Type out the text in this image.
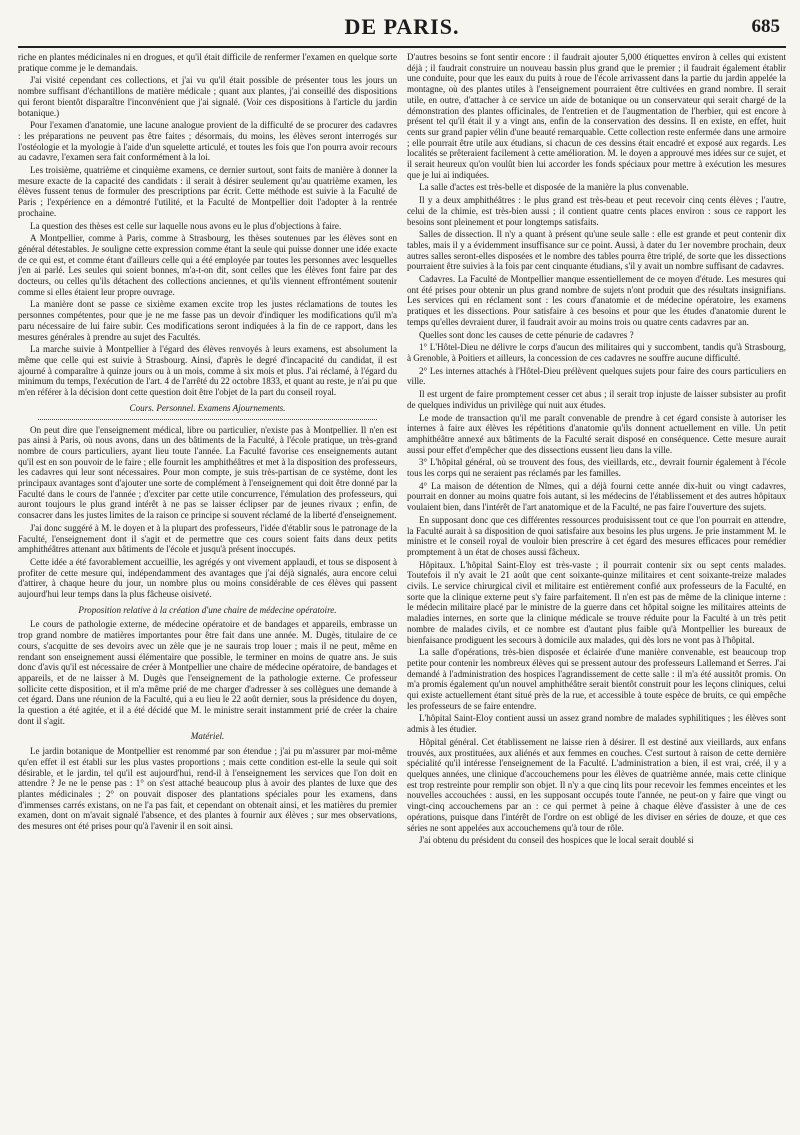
DE PARIS.	685

riche en plantes médicinales ni en drogues, et qu'il était difficile de renfermer l'examen en quelque sorte pratique comme je le demandais.

J'ai visité cependant ces collections, et j'ai vu qu'il était possible de présenter tous les jours un nombre suffisant d'échantillons de matière médicale ; quant aux plantes, j'ai conseillé des dispositions qui feront bientôt disparaître l'inconvénient que j'ai signalé. (Voir ces dispositions à l'article du jardin botanique.)

Pour l'examen d'anatomie, une lacune analogue provient de la difficulté de se procurer des cadavres : les préparations ne peuvent pas être faites ; désormais, du moins, les élèves seront interrogés sur l'ostéologie et la myologie à l'aide d'un squelette articulé, et toutes les fois que l'on pourra avoir recours au cadavre, l'examen sera fait conformément à la loi.

Les troisième, quatrième et cinquième examens, ce dernier surtout, sont faits de manière à donner la mesure exacte de la capacité des candidats : il serait à désirer seulement qu'au quatrième examen, les élèves fussent tenus de formuler des prescriptions par écrit. Cette méthode est suivie à la Faculté de Paris ; l'expérience en a démontré l'utilité, et la Faculté de Montpellier doit l'adopter à la rentrée prochaine.

La question des thèses est celle sur laquelle nous avons eu le plus d'objections à faire.

A Montpellier, comme à Paris, comme à Strasbourg, les thèses soutenues par les élèves sont en général détestables. Je souligne cette expression comme étant la seule qui puisse donner une idée exacte de ce qui est, et comme étant d'ailleurs celle qui a été employée par toutes les personnes avec lesquelles j'en ai parlé. Les seules qui soient bonnes, m'a-t-on dit, sont celles que les élèves font faire par des docteurs, ou celles qu'ils détachent des collections anciennes, et qu'ils viennent effrontément soutenir comme si elles étaient leur propre ouvrage.

La manière dont se passe ce sixième examen excite trop les justes réclamations de toutes les personnes compétentes, pour que je ne me fasse pas un devoir d'indiquer les modifications qu'il m'a paru nécessaire de lui faire subir. Ces modifications seront indiquées à la fin de ce rapport, dans les mesures générales à prendre au sujet des Facultés.

La marche suivie à Montpellier à l'égard des élèves renvoyés à leurs examens, est absolument la même que celle qui est suivie à Strasbourg. Ainsi, d'après le degré d'incapacité du candidat, il est ajourné à comparaître à quinze jours ou à un mois, comme à six mois et plus. J'ai réclamé, à l'égard du minimum du temps, l'exécution de l'art. 4 de l'arrêté du 22 octobre 1833, et quant au reste, je n'ai pu que m'en référer à la décision dont cette question doit être l'objet de la part du conseil royal.

Cours. Personnel. Examens Ajournements.

On peut dire que l'enseignement médical, libre ou particulier, n'existe pas à Montpellier. Il n'en est pas ainsi à Paris, où nous avons, dans un des bâtiments de la Faculté, à l'école pratique, un très-grand nombre de cours particuliers, ayant lieu toute l'année. La Faculté favorise ces enseignements autant qu'il est en son pouvoir de le faire ; elle fournit les amphithéâtres et met à la disposition des professeurs, les cadavres qui leur sont nécessaires. Pour mon compte, je suis très-partisan de ce système, dont les principaux avantages sont d'ajouter une sorte de complément à l'enseignement qui doit être donné par la Faculté dans le cours de l'année ; d'exciter par cette utile concurrence, l'émulation des professeurs, qui auront toujours le plus grand intérêt à ne pas se laisser éclipser par de jeunes rivaux ; enfin, de consacrer dans les justes limites de la raison ce principe si souvent réclamé de la liberté d'enseignement.

J'ai donc suggéré à M. le doyen et à la plupart des professeurs, l'idée d'établir sous le patronage de la Faculté, l'enseignement dont il s'agit et de permettre que ces cours soient faits dans deux petits amphithéâtres attenant aux bâtiments de l'école et jusqu'à présent inoccupés.

Cette idée a été favorablement accueillie, les agrégés y ont vivement applaudi, et tous se disposent à profiter de cette mesure qui, indépendamment des avantages que j'ai déjà signalés, aura encore celui d'attirer, à chaque heure du jour, un nombre plus ou moins considérable de ces élèves qui passent aujourd'hui leur temps dans la plus fâcheuse oisiveté.

Proposition relative à la création d'une chaire de médecine opératoire.

Le cours de pathologie externe, de médecine opératoire et de bandages et appareils, embrasse un trop grand nombre de matières importantes pour être fait dans une année. M. Dugès, titulaire de ce cours, s'acquitte de ses devoirs avec un zèle que je ne saurais trop louer ; mais il ne peut, même en rendant son enseignement aussi élémentaire que possible, le terminer en moins de quatre ans. Je suis donc d'avis qu'il est nécessaire de créer à Montpellier une chaire de médecine opératoire, de bandages et appareils, et de ne laisser à M. Dugès que l'enseignement de la pathologie externe. Ce professeur sollicite cette disposition, et il m'a même prié de me charger d'adresser à ses collègues une demande à cet égard. Dans une réunion de la Faculté, qui a eu lieu le 22 août dernier, sous la présidence du doyen, la question a été agitée, et il a été décidé que M. le ministre serait instamment prié de créer la chaire dont il s'agit.

Matériel.

Le jardin botanique de Montpellier est renommé par son étendue ; j'ai pu m'assurer par moi-même qu'en effet il est établi sur les plus vastes proportions ; mais cette condition est-elle la seule qui soit désirable, et le jardin, tel qu'il est aujourd'hui, rend-il à l'enseignement les services que l'on doit en attendre ? Je ne le pense pas : 1° on s'est attaché beaucoup plus à avoir des plantes de luxe que des plantes médicinales ; 2° on pouvait disposer des plantations spéciales pour les examens, dans d'immenses carrés existans, on ne l'a pas fait, et cependant on obtenait ainsi, et les matières du premier examen, dont on m'avait signalé l'absence, et des plantes à fournir aux élèves ; sur mes observations, des mesures ont été prises pour qu'à l'avenir il en soit ainsi.

D'autres besoins se font sentir encore : il faudrait ajouter 5,000 étiquettes environ à celles qui existent déjà ; il faudrait construire un nouveau bassin plus grand que le premier ; il faudrait également établir une conduite, pour que les eaux du puits à roue de l'école arrivassent dans la partie du jardin appelée la montagne, où des plantes utiles à l'enseignement pourraient être cultivées en grand nombre. Il serait utile, en outre, d'attacher à ce service un aide de botanique ou un conservateur qui serait chargé de la démonstration des plantes officinales, de l'entretien et de l'augmentation de l'herbier, qui est encore à présent tel qu'il était il y a vingt ans, enfin de la conservation des dessins. Il en existe, en effet, huit cents sur grand papier vélin d'une beauté remarquable. Cette collection reste enfermée dans une armoire ; elle pourrait être utile aux étudians, si chacun de ces dessins était encadré et exposé aux regards. Les localités se prêteraient facilement à cette amélioration. M. le doyen a approuvé mes idées sur ce sujet, et il serait heureux qu'on voulût bien lui accorder les fonds spéciaux pour mettre à exécution les mesures que je lui ai indiquées.

La salle d'actes est très-belle et disposée de la manière la plus convenable.

Il y a deux amphithéâtres : le plus grand est très-beau et peut recevoir cinq cents élèves ; l'autre, celui de la chimie, est très-bien aussi ; il contient quatre cents places environ : sous ce rapport les besoins sont pleinement et pour longtemps satisfaits.

Salles de dissection. Il n'y a quant à présent qu'une seule salle : elle est grande et peut contenir dix tables, mais il y a évidemment insuffisance sur ce point. Aussi, à dater du 1er novembre prochain, deux autres salles seront-elles disposées et le nombre des tables pourra être triplé, de sorte que les dissections pourraient être suivies à la fois par cent cinquante étudians, s'il y avait un nombre suffisant de cadavres.

Cadavres. La Faculté de Montpellier manque essentiellement de ce moyen d'étude. Les mesures qui ont été prises pour obtenir un plus grand nombre de sujets n'ont produit que des résultats insignifians. Les services qui en réclament sont : les cours d'anatomie et de médecine opératoire, les examens pratiques et les dissections. Pour satisfaire à ces besoins et pour que les études d'anatomie durent le temps qu'elles devraient durer, il faudrait avoir au moins trois ou quatre cents cadavres par an.

Quelles sont donc les causes de cette pénurie de cadavres ?

1° L'Hôtel-Dieu ne délivre le corps d'aucun des militaires qui y succombent, tandis qu'à Strasbourg, à Grenoble, à Poitiers et ailleurs, la concession de ces cadavres ne souffre aucune difficulté.

2° Les internes attachés à l'Hôtel-Dieu prélèvent quelques sujets pour faire des cours particuliers en ville.

Il est urgent de faire promptement cesser cet abus ; il serait trop injuste de laisser subsister au profit de quelques individus un privilège qui nuit aux études.

Le mode de transaction qu'il me paraît convenable de prendre à cet égard consiste à autoriser les internes à faire aux élèves les répétitions d'anatomie qu'ils donnent actuellement en ville. Un petit amphithéâtre annexé aux bâtiments de la Faculté serait disposé en conséquence. Cette mesure aurait aussi pour effet d'empêcher que des dissections eussent lieu dans la ville.

3° L'hôpital général, où se trouvent des fous, des vieillards, etc., devrait fournir également à l'école tous les corps qui ne seraient pas réclamés par les familles.

4° La maison de détention de Nîmes, qui a déjà fourni cette année dix-huit ou vingt cadavres, pourrait en donner au moins quatre fois autant, si les médecins de l'établissement et des autres hôpitaux voulaient bien, dans l'intérêt de l'art anatomique et de la Faculté, ne pas faire l'ouverture des sujets.

En supposant donc que ces différentes ressources produisissent tout ce que l'on pourrait en attendre, la Faculté aurait à sa disposition de quoi satisfaire aux besoins les plus urgens. Je prie instamment M. le ministre et le conseil royal de vouloir bien prescrire à cet égard des mesures efficaces pour remédier promptement à un état de choses aussi fâcheux.

Hôpitaux. L'hôpital Saint-Eloy est très-vaste ; il pourrait contenir six ou sept cents malades. Toutefois il n'y avait le 21 août que cent soixante-quinze militaires et cent soixante-treize malades civils. Le service chirurgical civil et militaire est entièrement confié aux professeurs de la Faculté, en sorte que la clinique externe peut s'y faire parfaitement. Il n'en est pas de même de la clinique interne : le médecin militaire placé par le ministre de la guerre dans cet hôpital soigne les militaires atteints de maladies internes, en sorte que la clinique médicale se trouve réduite pour la Faculté à un très petit nombre de malades civils, et ce nombre est d'autant plus faible qu'à Montpellier les bureaux de bienfaisance prodiguent les secours à domicile aux malades, qui dès lors ne vont pas à l'hôpital.

La salle d'opérations, très-bien disposée et éclairée d'une manière convenable, est beaucoup trop petite pour contenir les nombreux élèves qui se pressent autour des professeurs Lallemand et Serres. J'ai demandé à l'administration des hospices l'agrandissement de cette salle : il m'a été aussitôt promis. On m'a promis également qu'un nouvel amphithéâtre serait bientôt construit pour les leçons cliniques, celui qui existe actuellement étant situé près de la rue, et accessible à toute espèce de bruits, ce qui empêche les professeurs de se faire entendre.

L'hôpital Saint-Eloy contient aussi un assez grand nombre de malades syphilitiques ; les élèves sont admis à les étudier.

Hôpital général. Cet établissement ne laisse rien à désirer. Il est destiné aux vieillards, aux enfans trouvés, aux prostituées, aux aliénés et aux femmes en couches. C'est surtout à raison de cette dernière spécialité qu'il intéresse l'enseignement de la Faculté. L'administration a bien, il est vrai, créé, il y a quelques années, une clinique d'accouchemens pour les élèves de quatrième année, mais cette clinique est trop restreinte pour remplir son objet. Il n'y a que cinq lits pour recevoir les femmes enceintes et les nouvelles accouchées : aussi, en les supposant occupés toute l'année, ne peut-on y faire que vingt ou vingt-cinq accouchemens par an : ce qui permet à peine à chaque élève d'assister à une de ces opérations, puisque dans l'intérêt de l'ordre on est obligé de les diviser en séries de douze, et que ces séries ne sont appelées aux accouchemens qu'à tour de rôle.

J'ai obtenu du président du conseil des hospices que le local serait doublé si
